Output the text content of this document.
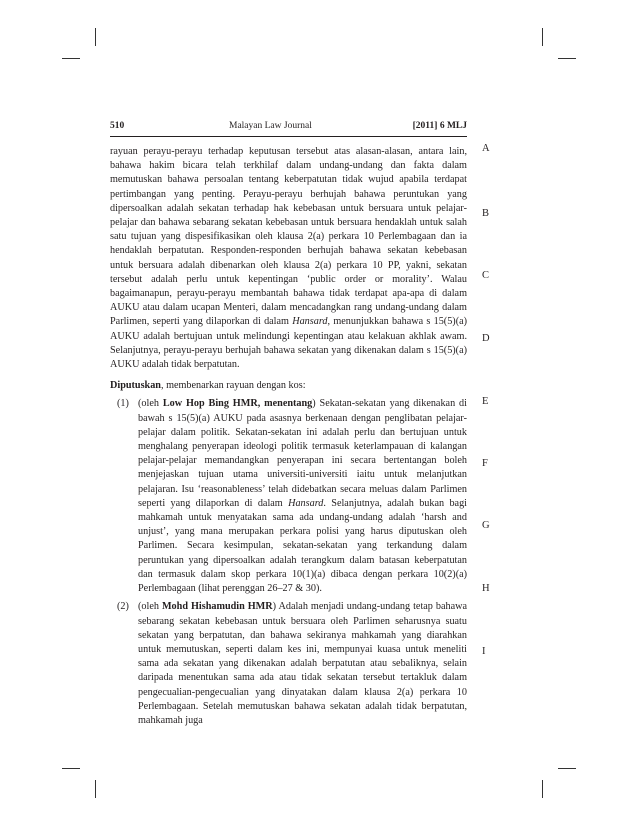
510	Malayan Law Journal	[2011] 6 MLJ
A
B
C
D
E
F
G
H
I

rayuan perayu-perayu terhadap keputusan tersebut atas alasan-alasan, antara lain, bahawa hakim bicara telah terkhilaf dalam undang-undang dan fakta dalam memutuskan bahawa persoalan tentang keberpatutan tidak wujud apabila terdapat pertimbangan yang penting. Perayu-perayu berhujah bahawa peruntukan yang dipersoalkan adalah sekatan terhadap hak kebebasan untuk bersuara untuk pelajar-pelajar dan bahawa sebarang sekatan kebebasan untuk bersuara hendaklah untuk salah satu tujuan yang dispesifikasikan oleh klausa 2(a) perkara 10 Perlembagaan dan ia hendaklah berpatutan. Responden-responden berhujah bahawa sekatan kebebasan untuk bersuara adalah dibenarkan oleh klausa 2(a) perkara 10 PP, yakni, sekatan tersebut adalah perlu untuk kepentingan ‘public order or morality’. Walau bagaimanapun, perayu-perayu membantah bahawa tidak terdapat apa-apa di dalam AUKU atau dalam ucapan Menteri, dalam mencadangkan rang undang-undang dalam Parlimen, seperti yang dilaporkan di dalam Hansard, menunjukkan bahawa s 15(5)(a) AUKU adalah bertujuan untuk melindungi kepentingan atau kelakuan akhlak awam. Selanjutnya, perayu-perayu berhujah bahawa sekatan yang dikenakan dalam s 15(5)(a) AUKU adalah tidak berpatutan.

Diputuskan, membenarkan rayuan dengan kos:

(1) (oleh Low Hop Bing HMR, menentang) Sekatan-sekatan yang dikenakan di bawah s 15(5)(a) AUKU pada asasnya berkenaan dengan penglibatan pelajar-pelajar dalam politik. Sekatan-sekatan ini adalah perlu dan bertujuan untuk menghalang penyerapan ideologi politik termasuk keterlampauan di kalangan pelajar-pelajar memandangkan penyerapan ini secara bertentangan boleh menjejaskan tujuan utama universiti-universiti iaitu untuk melanjutkan pelajaran. Isu ‘reasonableness’ telah didebatkan secara meluas dalam Parlimen seperti yang dilaporkan di dalam Hansard. Selanjutnya, adalah bukan bagi mahkamah untuk menyatakan sama ada undang-undang adalah ‘harsh and unjust’, yang mana merupakan perkara polisi yang harus diputuskan oleh Parlimen. Secara kesimpulan, sekatan-sekatan yang terkandung dalam peruntukan yang dipersoalkan adalah terangkum dalam batasan keberpatutan dan termasuk dalam skop perkara 10(1)(a) dibaca dengan perkara 10(2)(a) Perlembagaan (lihat perenggan 26–27 & 30).
(2) (oleh Mohd Hishamudin HMR) Adalah menjadi undang-undang tetap bahawa sebarang sekatan kebebasan untuk bersuara oleh Parlimen seharusnya suatu sekatan yang berpatutan, dan bahawa sekiranya mahkamah yang diarahkan untuk memutuskan, seperti dalam kes ini, mempunyai kuasa untuk meneliti sama ada sekatan yang dikenakan adalah berpatutan atau sebaliknya, selain daripada menentukan sama ada atau tidak sekatan tersebut tertakluk dalam pengecualian-pengecualian yang dinyatakan dalam klausa 2(a) perkara 10 Perlembagaan. Setelah memutuskan bahawa sekatan adalah tidak berpatutan, mahkamah juga
